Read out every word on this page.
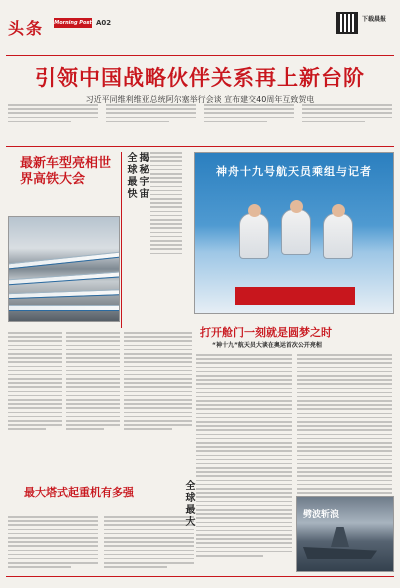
头条 Morning Post A02	下载晨报
引领中国战略伙伴关系再上新台阶
习近平同维利维亚总统阿尔塞举行会谈 宣布建交40周年互致贺电
最新车型亮相世界高铁大会
最大塔式起重机有多强
全球最快 揭秘宇宙
全球最大
神舟十九号航天员乘组与记者
打开舱门一刻就是圆梦之时
“神十九”航天员大谈在奥运首次公开亮相
劈波斩浪
